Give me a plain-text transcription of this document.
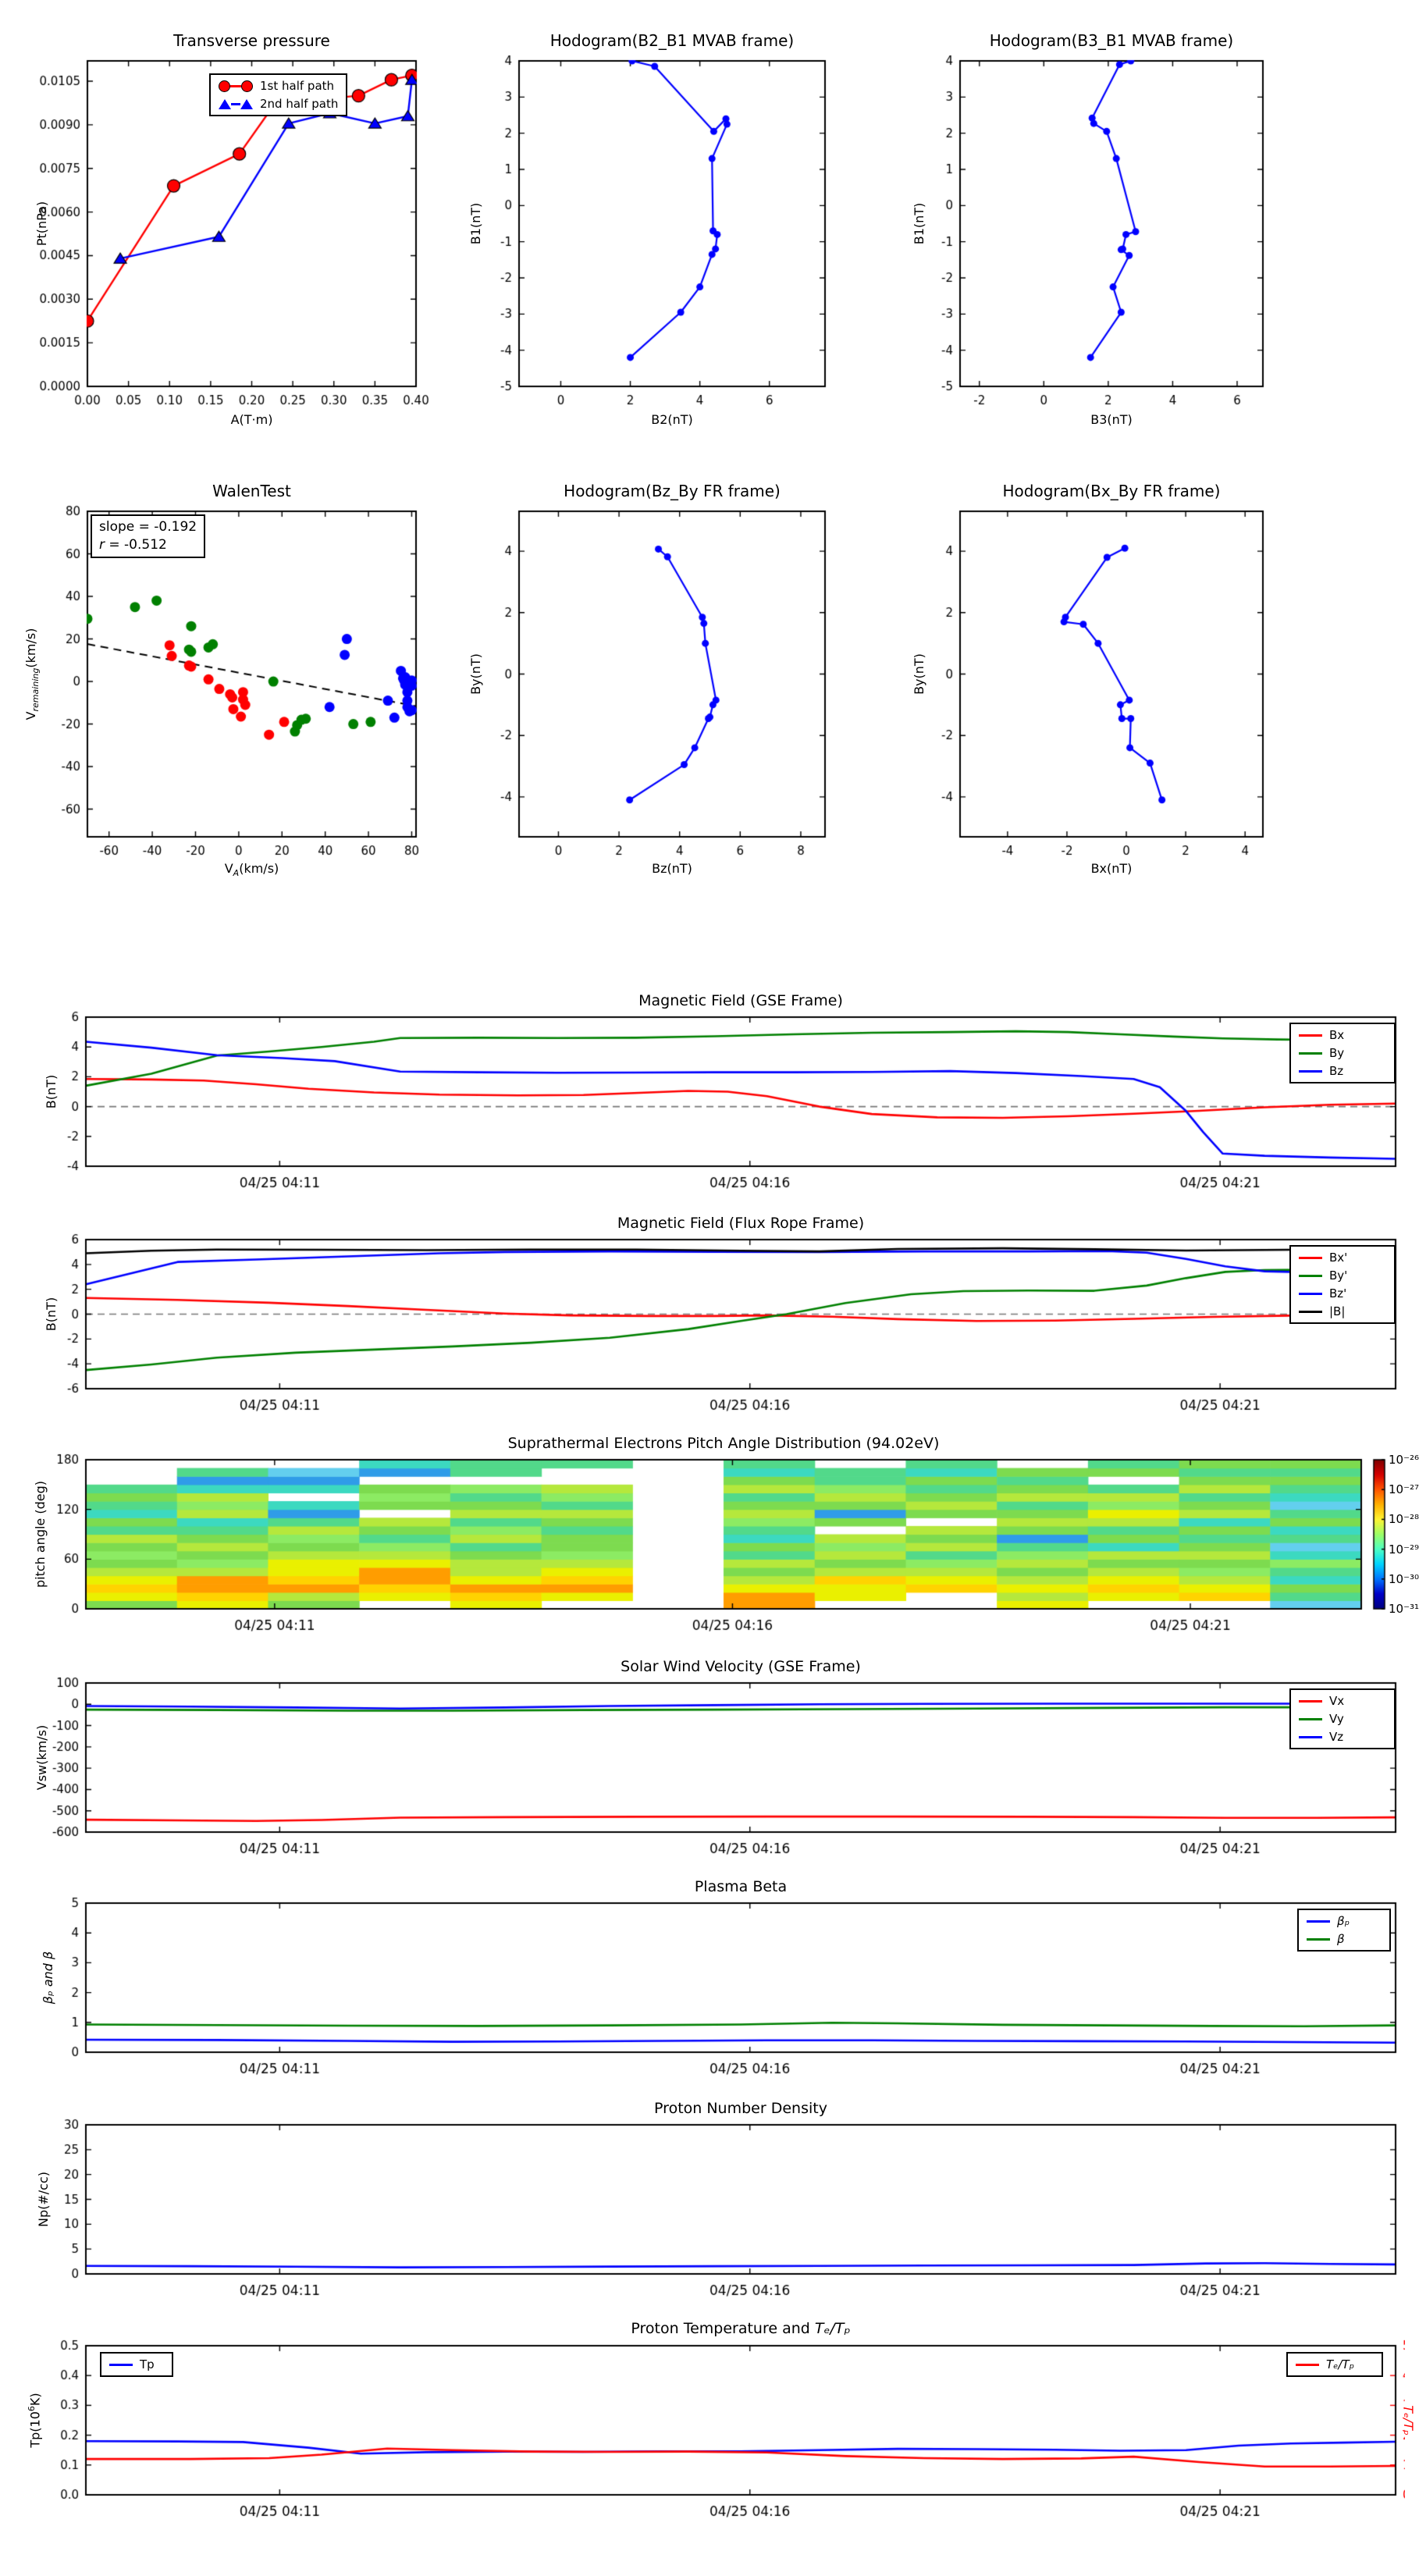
Transverse pressure	Hodogram(B2_B1 MVAB frame)	Hodogram(B3_B1 MVAB frame)
A(T·m)	B2(nT)	B3(nT)
Pt(nPa)	B1(nT)	B1(nT)
1st half path
2nd half path
WalenTest	Hodogram(Bz_By FR frame)	Hodogram(Bx_By FR frame)
$V_A(km/s)$	Bz(nT)	Bx(nT)
$V_{remaining}(km/s)$
By(nT)	By(nT)
slope = -0.192
r = -0.512
Magnetic Field (GSE Frame)
Magnetic Field (Flux Rope Frame)
Suprathermal Electrons Pitch Angle Distribution (94.02eV)
Solar Wind Velocity (GSE Frame)
Plasma Beta
Proton Number Density
Proton Temperature and Tₑ/Tₚ
B(nT)
B(nT)
pitch angle (deg)
Vsw(km/s)
βₚ and β
Np(#/cc)
$Tp(10^6K)$
Tₑ/Tₚ
Bx
By
Bz
Bx'
By'
Bz'
|B|
Vx
Vy
Vz
βₚ
β
Tp	Tₑ/Tₚ
10⁻²⁶
10⁻²⁷
10⁻²⁸
10⁻²⁹
10⁻³⁰
10⁻³¹
